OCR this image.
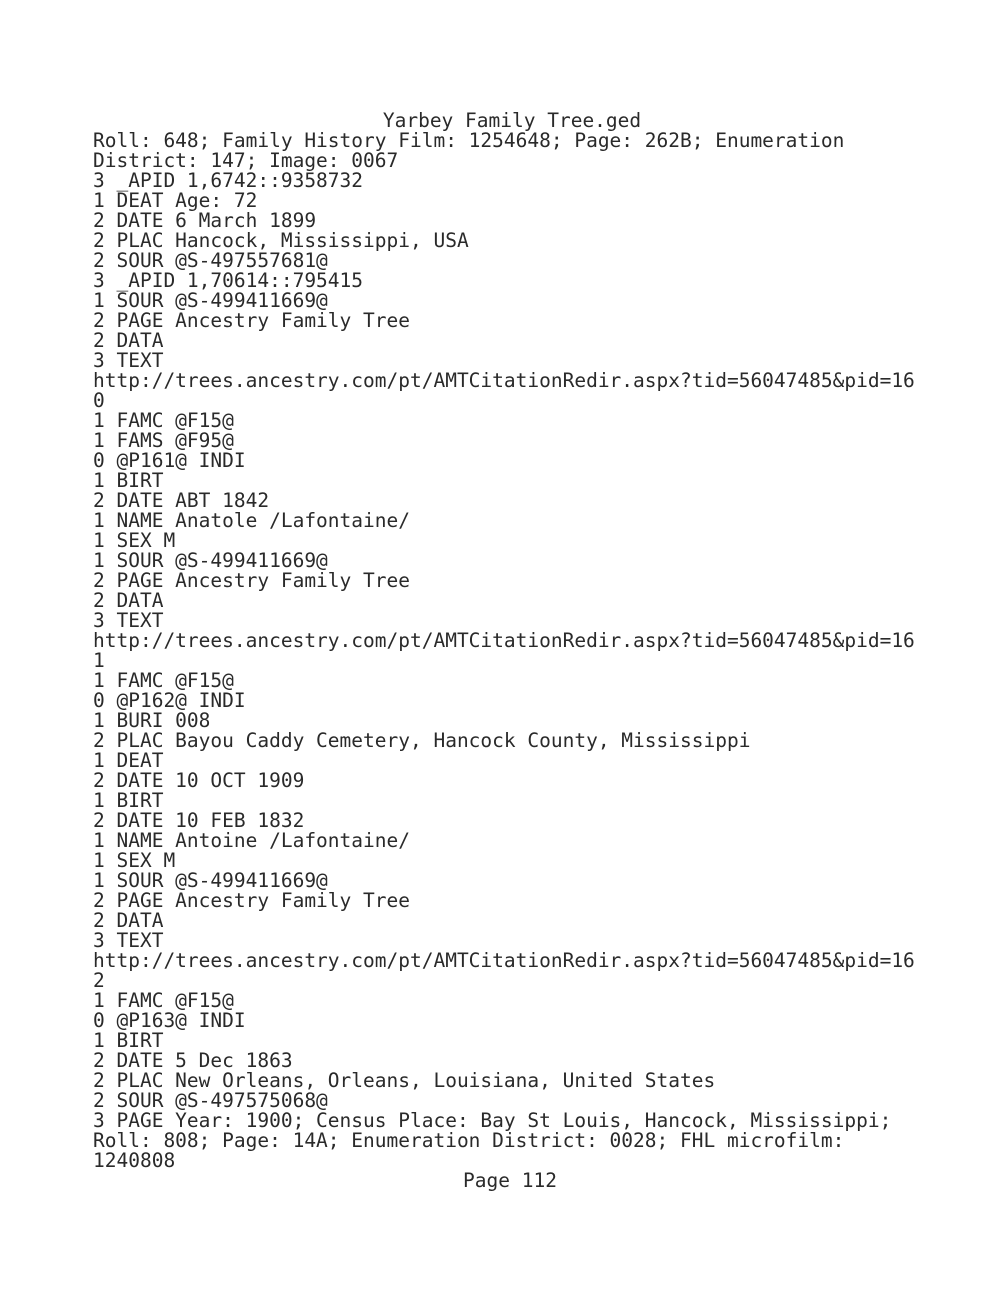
Yarbey Family Tree.ged
Roll: 648; Family History Film: 1254648; Page: 262B; Enumeration
District: 147; Image: 0067
3 _APID 1,6742::9358732
1 DEAT Age: 72
2 DATE 6 March 1899
2 PLAC Hancock, Mississippi, USA
2 SOUR @S-497557681@
3 _APID 1,70614::795415
1 SOUR @S-499411669@
2 PAGE Ancestry Family Tree
2 DATA
3 TEXT
http://trees.ancestry.com/pt/AMTCitationRedir.aspx?tid=56047485&pid=16
0
1 FAMC @F15@
1 FAMS @F95@
0 @P161@ INDI
1 BIRT
2 DATE ABT 1842
1 NAME Anatole /Lafontaine/
1 SEX M
1 SOUR @S-499411669@
2 PAGE Ancestry Family Tree
2 DATA
3 TEXT
http://trees.ancestry.com/pt/AMTCitationRedir.aspx?tid=56047485&pid=16
1
1 FAMC @F15@
0 @P162@ INDI
1 BURI 008
2 PLAC Bayou Caddy Cemetery, Hancock County, Mississippi
1 DEAT
2 DATE 10 OCT 1909
1 BIRT
2 DATE 10 FEB 1832
1 NAME Antoine /Lafontaine/
1 SEX M
1 SOUR @S-499411669@
2 PAGE Ancestry Family Tree
2 DATA
3 TEXT
http://trees.ancestry.com/pt/AMTCitationRedir.aspx?tid=56047485&pid=16
2
1 FAMC @F15@
0 @P163@ INDI
1 BIRT
2 DATE 5 Dec 1863
2 PLAC New Orleans, Orleans, Louisiana, United States
2 SOUR @S-497575068@
3 PAGE Year: 1900; Census Place: Bay St Louis, Hancock, Mississippi;
Roll: 808; Page: 14A; Enumeration District: 0028; FHL microfilm:
1240808
Page 112
